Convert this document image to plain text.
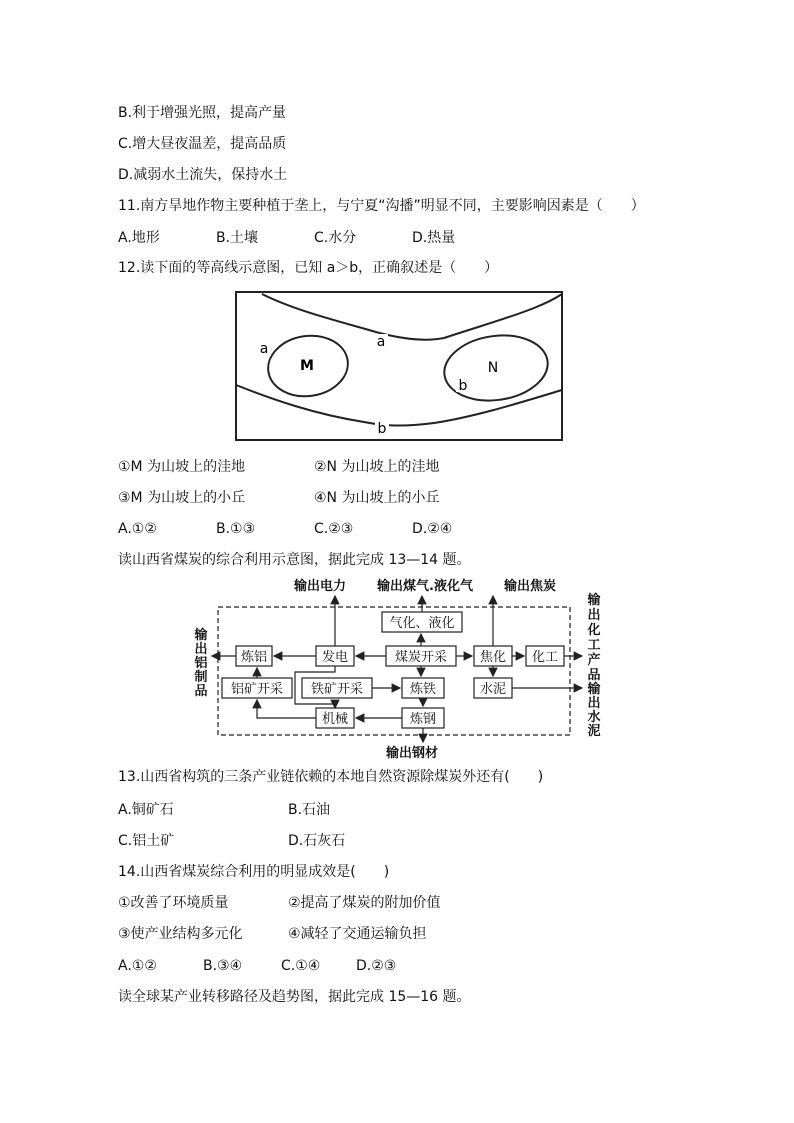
B.利于增强光照，提高产量
C.增大昼夜温差，提高品质
D.减弱水土流失，保持水土
11.南方旱地作物主要种植于垄上，与宁夏“沟播”明显不同，主要影响因素是（　　）
A.地形	B.土壤	C.水分	D.热量
12.读下面的等高线示意图，已知 a＞b，正确叙述是（　　）
a
a
M	N
b
b
①M 为山坡上的洼地	②N 为山坡上的洼地
③M 为山坡上的小丘	④N 为山坡上的小丘
A.①②	B.①③	C.②③	D.②④
读山西省煤炭的综合利用示意图，据此完成 13—14 题。
输出电力 输出煤气.液化气 输出焦炭
输出钢材
输
出
化
工
产
品
输
出
水
泥
输
出
铝
制
品
气化、液化
炼铝	发电	煤炭开采	焦化 化工
铝矿开采 铁矿开采	炼铁	水泥
机械	炼钢
13.山西省构筑的三条产业链依赖的本地自然资源除煤炭外还有(　　)
A.铜矿石	B.石油
C.铝土矿	D.石灰石
14.山西省煤炭综合利用的明显成效是(　　)
①改善了环境质量	②提高了煤炭的附加价值
③使产业结构多元化	④减轻了交通运输负担
A.①②	B.③④	C.①④	D.②③
读全球某产业转移路径及趋势图，据此完成 15—16 题。
